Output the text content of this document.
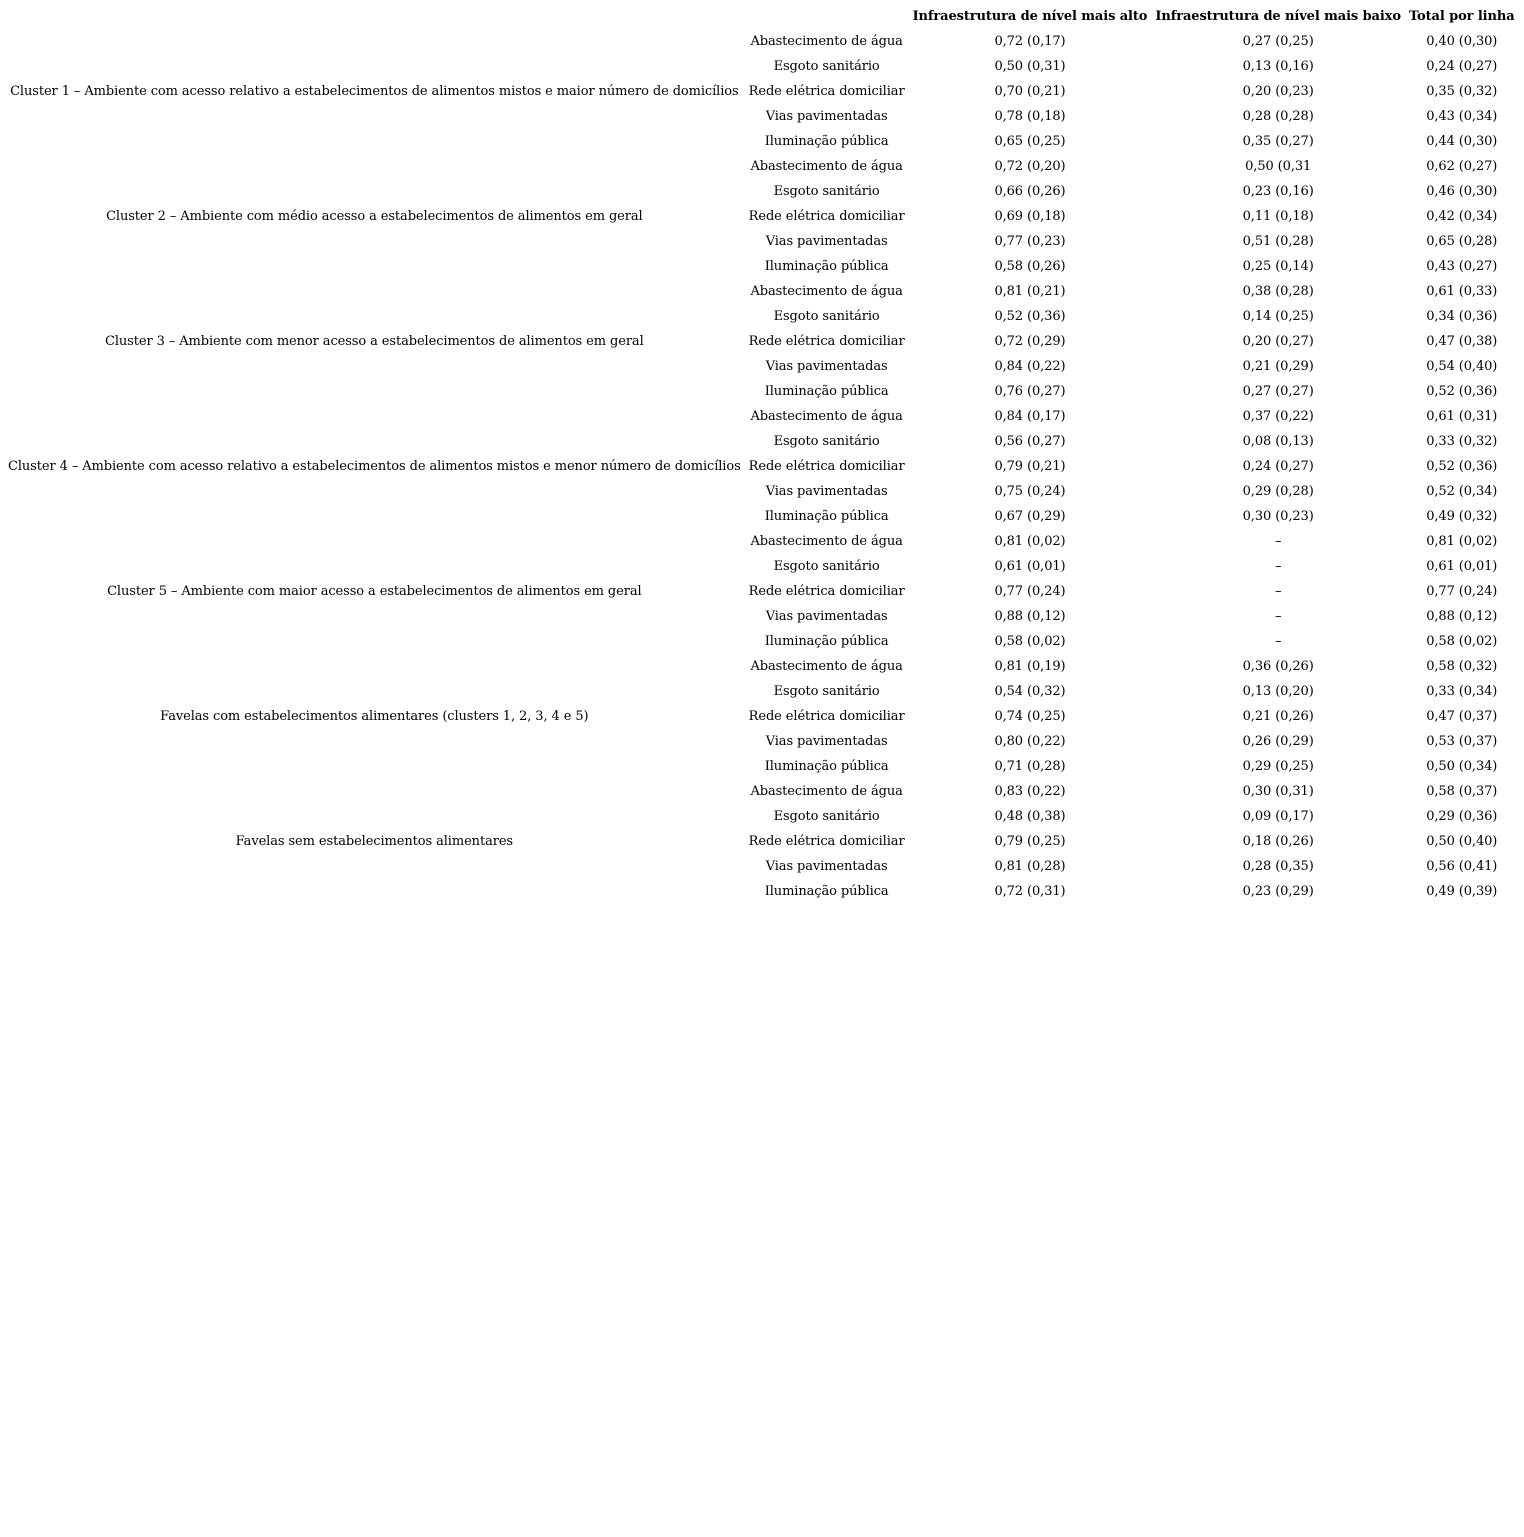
		Infraestrutura de nível mais alto	Infraestrutura de nível mais baixo	Total por linha
Cluster 1 – Ambiente com acesso relativo a estabelecimentos de alimentos mistos e maior número de domicílios	Abastecimento de água	0,72 (0,17)	0,27 (0,25)	0,40 (0,30)
	Esgoto sanitário	0,50 (0,31)	0,13 (0,16)	0,24 (0,27)
	Rede elétrica domiciliar	0,70 (0,21)	0,20 (0,23)	0,35 (0,32)
	Vias pavimentadas	0,78 (0,18)	0,28 (0,28)	0,43 (0,34)
	Iluminação pública	0,65 (0,25)	0,35 (0,27)	0,44 (0,30)
Cluster 2 – Ambiente com médio acesso a estabelecimentos de alimentos em geral	Abastecimento de água	0,72 (0,20)	0,50 (0,31	0,62 (0,27)
	Esgoto sanitário	0,66 (0,26)	0,23 (0,16)	0,46 (0,30)
	Rede elétrica domiciliar	0,69 (0,18)	0,11 (0,18)	0,42 (0,34)
	Vias pavimentadas	0,77 (0,23)	0,51 (0,28)	0,65 (0,28)
	Iluminação pública	0,58 (0,26)	0,25 (0,14)	0,43 (0,27)
Cluster 3 – Ambiente com menor acesso a estabelecimentos de alimentos em geral	Abastecimento de água	0,81 (0,21)	0,38 (0,28)	0,61 (0,33)
	Esgoto sanitário	0,52 (0,36)	0,14 (0,25)	0,34 (0,36)
	Rede elétrica domiciliar	0,72 (0,29)	0,20 (0,27)	0,47 (0,38)
	Vias pavimentadas	0,84 (0,22)	0,21 (0,29)	0,54 (0,40)
	Iluminação pública	0,76 (0,27)	0,27 (0,27)	0,52 (0,36)
Cluster 4 – Ambiente com acesso relativo a estabelecimentos de alimentos mistos e menor número de domicílios	Abastecimento de água	0,84 (0,17)	0,37 (0,22)	0,61 (0,31)
	Esgoto sanitário	0,56 (0,27)	0,08 (0,13)	0,33 (0,32)
	Rede elétrica domiciliar	0,79 (0,21)	0,24 (0,27)	0,52 (0,36)
	Vias pavimentadas	0,75 (0,24)	0,29 (0,28)	0,52 (0,34)
	Iluminação pública	0,67 (0,29)	0,30 (0,23)	0,49 (0,32)
Cluster 5 – Ambiente com maior acesso a estabelecimentos de alimentos em geral	Abastecimento de água	0,81 (0,02)	–	0,81 (0,02)
	Esgoto sanitário	0,61 (0,01)	–	0,61 (0,01)
	Rede elétrica domiciliar	0,77 (0,24)	–	0,77 (0,24)
	Vias pavimentadas	0,88 (0,12)	–	0,88 (0,12)
	Iluminação pública	0,58 (0,02)	–	0,58 (0,02)
Favelas com estabelecimentos alimentares (clusters 1, 2, 3, 4 e 5)	Abastecimento de água	0,81 (0,19)	0,36 (0,26)	0,58 (0,32)
	Esgoto sanitário	0,54 (0,32)	0,13 (0,20)	0,33 (0,34)
	Rede elétrica domiciliar	0,74 (0,25)	0,21 (0,26)	0,47 (0,37)
	Vias pavimentadas	0,80 (0,22)	0,26 (0,29)	0,53 (0,37)
	Iluminação pública	0,71 (0,28)	0,29 (0,25)	0,50 (0,34)
Favelas sem estabelecimentos alimentares	Abastecimento de água	0,83 (0,22)	0,30 (0,31)	0,58 (0,37)
	Esgoto sanitário	0,48 (0,38)	0,09 (0,17)	0,29 (0,36)
	Rede elétrica domiciliar	0,79 (0,25)	0,18 (0,26)	0,50 (0,40)
	Vias pavimentadas	0,81 (0,28)	0,28 (0,35)	0,56 (0,41)
	Iluminação pública	0,72 (0,31)	0,23 (0,29)	0,49 (0,39)
